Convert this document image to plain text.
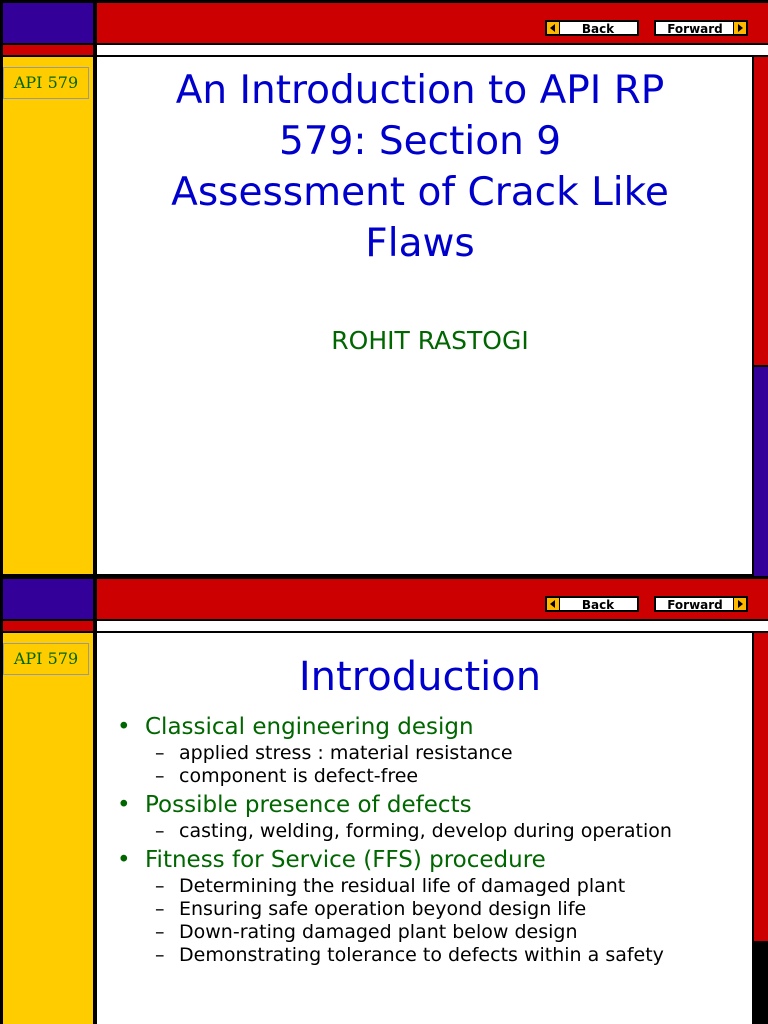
API 579
Back	Forward
An Introduction to API RP
579: Section 9
Assessment of Crack Like
Flaws
ROHIT RASTOGI
API 579
Back	Forward
Introduction
• Classical engineering design
– applied stress : material resistance
– component is defect-free
• Possible presence of defects
– casting, welding, forming, develop during operation
• Fitness for Service (FFS) procedure
– Determining the residual life of damaged plant
– Ensuring safe operation beyond design life
– Down-rating damaged plant below design
– Demonstrating tolerance to defects within a safety
